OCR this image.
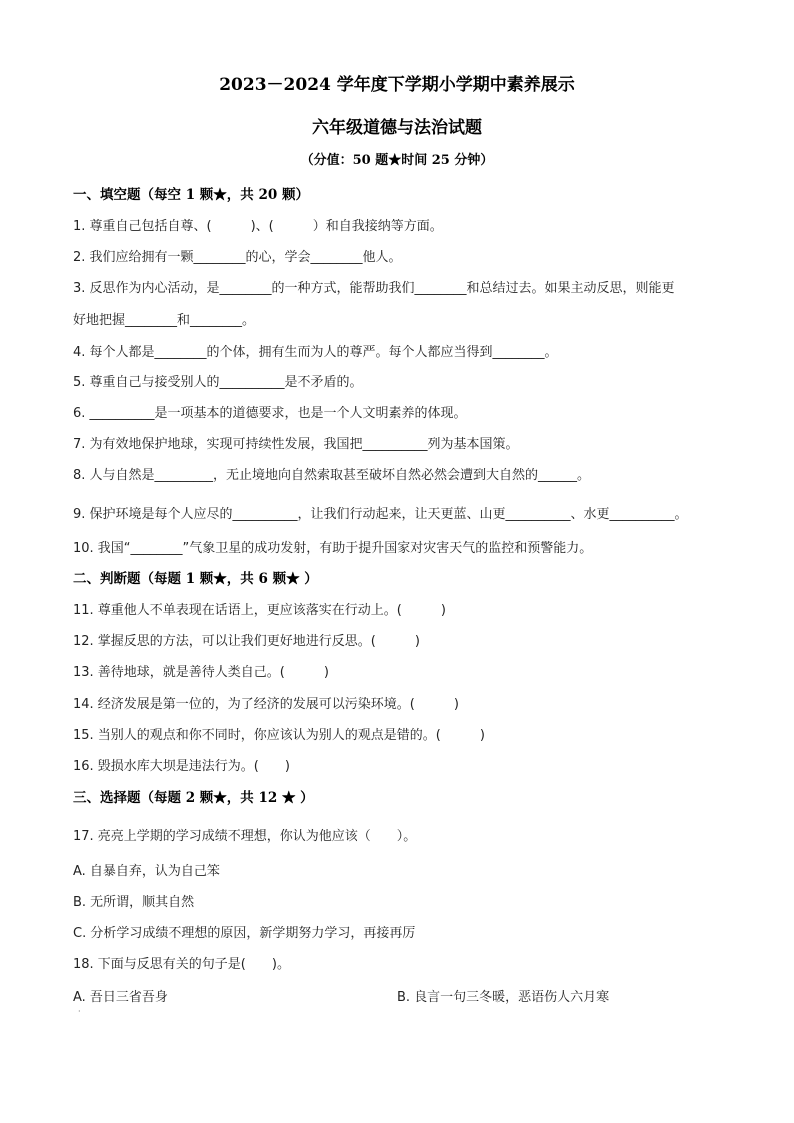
2023－2024 学年度下学期小学期中素养展示
六年级道德与法治试题
（分值：50 题★时间 25 分钟）
一、填空题（每空 1 颗★，共 20 颗）
1. 尊重自己包括自尊、(　　　)、(　　　）和自我接纳等方面。
2. 我们应给拥有一颗________的心，学会________他人。
3. 反思作为内心活动，是________的一种方式，能帮助我们________和总结过去。如果主动反思，则能更
好地把握________和________。
4. 每个人都是________的个体，拥有生而为人的尊严。每个人都应当得到________。
5. 尊重自己与接受别人的__________是不矛盾的。
6. __________是一项基本的道德要求，也是一个人文明素养的体现。
7. 为有效地保护地球，实现可持续性发展，我国把__________列为基本国策。
8. 人与自然是_________，无止境地向自然索取甚至破坏自然必然会遭到大自然的______。
9. 保护环境是每个人应尽的__________，让我们行动起来，让天更蓝、山更__________、水更__________。
10. 我国“________”气象卫星的成功发射，有助于提升国家对灾害天气的监控和预警能力。
二、判断题（每题 1 颗★，共 6 颗★ ）
11. 尊重他人不单表现在话语上，更应该落实在行动上。(　　　)
12. 掌握反思的方法，可以让我们更好地进行反思。(　　　)
13. 善待地球，就是善待人类自己。(　　　)
14. 经济发展是第一位的，为了经济的发展可以污染环境。(　　　)
15. 当别人的观点和你不同时，你应该认为别人的观点是错的。(　　　)
16. 毁损水库大坝是违法行为。(　　)
三、选择题（每题 2 颗★，共 12 ★ ）
17. 亮亮上学期的学习成绩不理想，你认为他应该（　　）。
A. 自暴自弃，认为自己笨
B. 无所谓，顺其自然
C. 分析学习成绩不理想的原因，新学期努力学习，再接再厉
18. 下面与反思有关的句子是(　　)。
A. 吾日三省吾身	B. 良言一句三冬暖，恶语伤人六月寒
·
